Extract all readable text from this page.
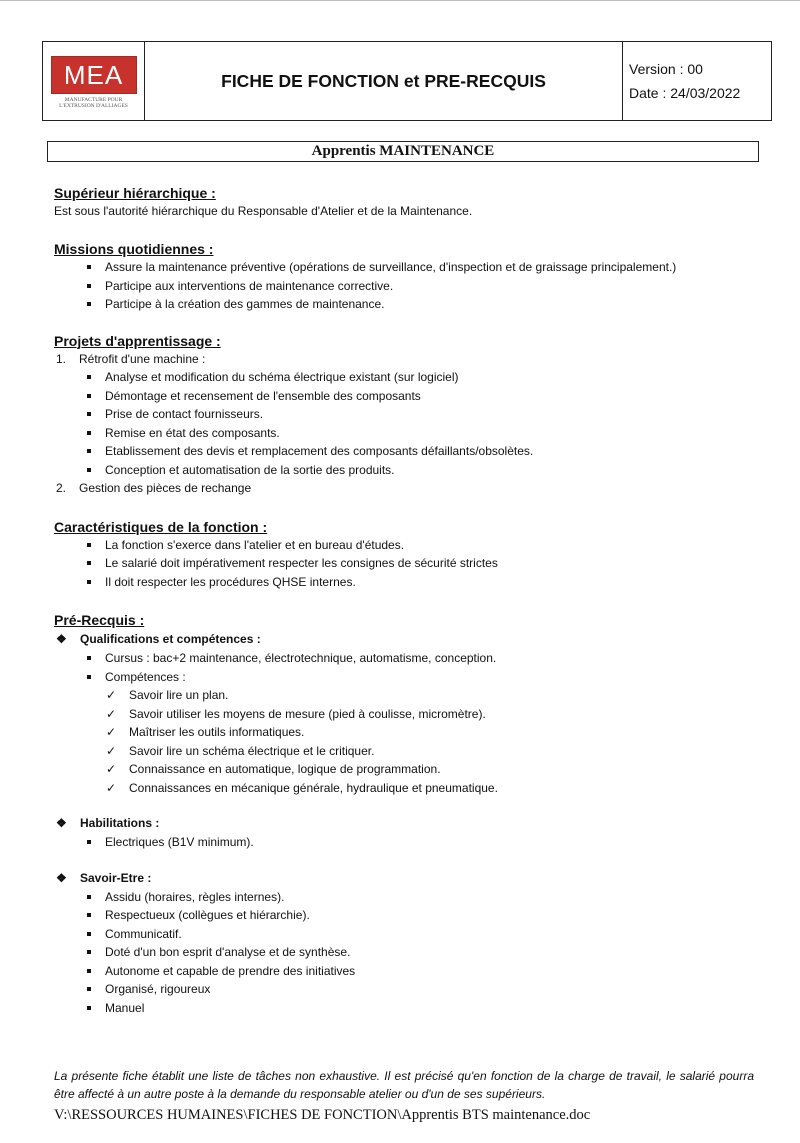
MEA
MANUFACTURE POUR L'EXTRUSION D'ALLIAGES
FICHE DE FONCTION et PRE-RECQUIS
Version : 00
Date : 24/03/2022
Apprentis MAINTENANCE

Supérieur hiérarchique :

Est sous l'autorité hiérarchique du Responsable d'Atelier et de la Maintenance.

Missions quotidiennes :

Assure la maintenance préventive (opérations de surveillance, d'inspection et de graissage principalement.)
Participe aux interventions de maintenance corrective.
Participe à la création des gammes de maintenance.

Projets d'apprentissage :

1. Rétrofit d'une machine :
Analyse et modification du schéma électrique existant (sur logiciel)
Démontage et recensement de l'ensemble des composants
Prise de contact fournisseurs.
Remise en état des composants.
Etablissement des devis et remplacement des composants défaillants/obsolètes.
Conception et automatisation de la sortie des produits.
2. Gestion des pièces de rechange

Caractéristiques de la fonction :

La fonction s'exerce dans l'atelier et en bureau d'études.
Le salarié doit impérativement respecter les consignes de sécurité strictes
Il doit respecter les procédures QHSE internes.

Pré-Recquis :

❖ Qualifications et compétences :
Cursus : bac+2 maintenance, électrotechnique, automatisme, conception.
Compétences :
✓ Savoir lire un plan.
✓ Savoir utiliser les moyens de mesure (pied à coulisse, micromètre).
✓ Maîtriser les outils informatiques.
✓ Savoir lire un schéma électrique et le critiquer.
✓ Connaissance en automatique, logique de programmation.
✓ Connaissances en mécanique générale, hydraulique et pneumatique.
❖ Habilitations :
Electriques (B1V minimum).
❖ Savoir-Etre :
Assidu (horaires, règles internes).
Respectueux (collègues et hiérarchie).
Communicatif.
Doté d'un bon esprit d'analyse et de synthèse.
Autonome et capable de prendre des initiatives
Organisé, rigoureux
Manuel
La présente fiche établit une liste de tâches non exhaustive. Il est précisé qu'en fonction de la charge de travail, le salarié pourra être affecté à un autre poste à la demande du responsable atelier ou d'un de ses supérieurs.
V:\RESSOURCES HUMAINES\FICHES DE FONCTION\Apprentis BTS maintenance.doc
